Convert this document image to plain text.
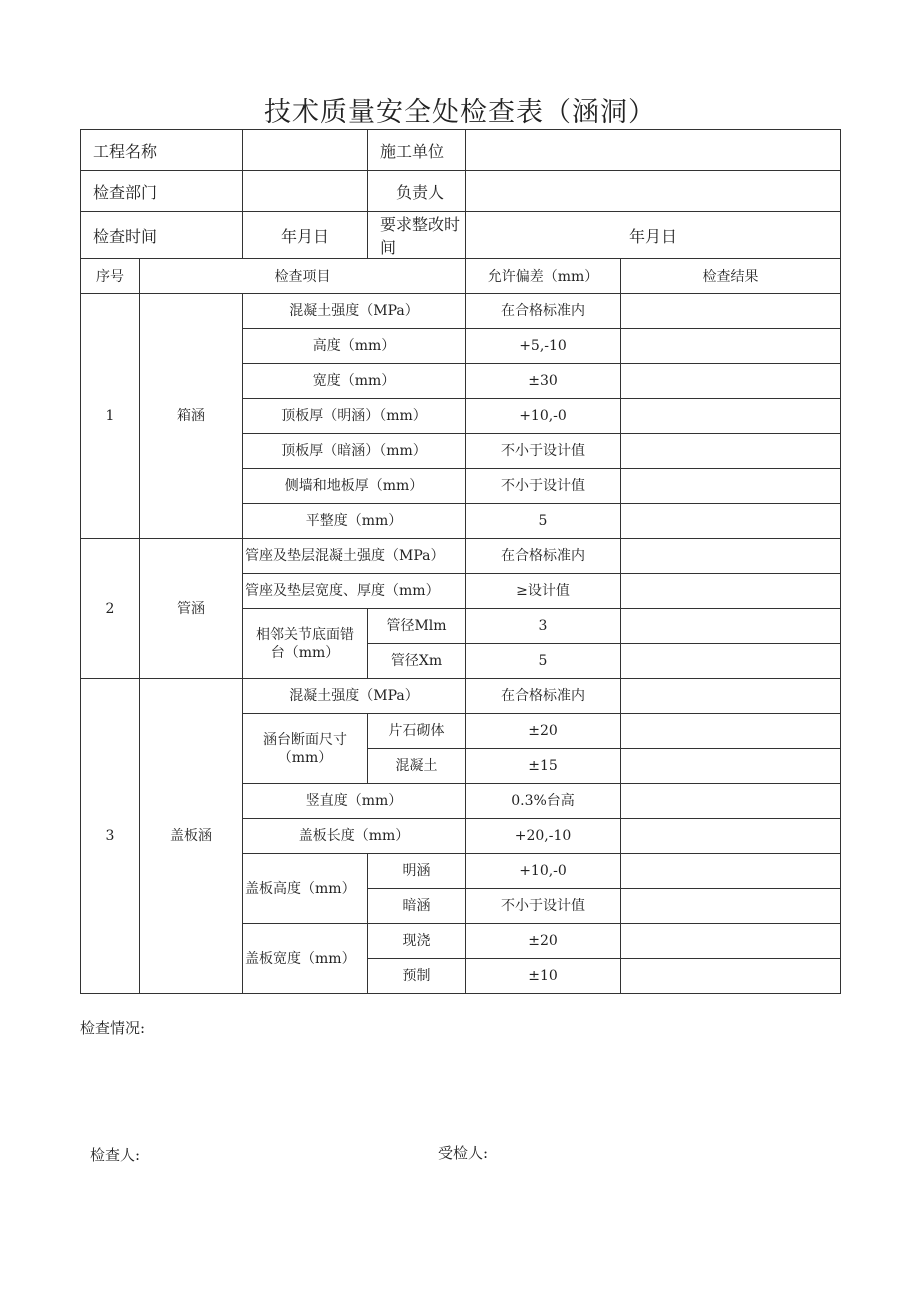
技术质量安全处检查表（涵洞）
工程名称			施工单位		
检查部门			负责人		
检查时间		年月日	要求整改时间	年月日	
序号	检查项目			允许偏差（mm）	检查结果
1	箱涵	混凝土强度（MPa）		在合格标准内	
		高度（mm）		+5,-10	
		宽度（mm）		±30	
		顶板厚（明涵）（mm）		+10,-0	
		顶板厚（暗涵）（mm）		不小于设计值	
		侧墙和地板厚（mm）		不小于设计值	
		平整度（mm）		5	
2	管涵	管座及垫层混凝土强度（MPa）		在合格标准内	
		管座及垫层宽度、厚度（mm）		≥设计值	
		相邻关节底面错台（mm）	管径Mlm	3	
			管径Xm	5	
3	盖板涵	混凝土强度（MPa）		在合格标准内	
		涵台断面尺寸（mm）	片石砌体	±20	
			混凝土	±15	
		竖直度（mm）		0.3%台高	
		盖板长度（mm）		+20,-10	
		盖板高度（mm）	明涵	+10,-0	
			暗涵	不小于设计值	
		盖板宽度（mm）	现浇	±20	
			预制	±10	
检查情况:
检查人:	受检人:
